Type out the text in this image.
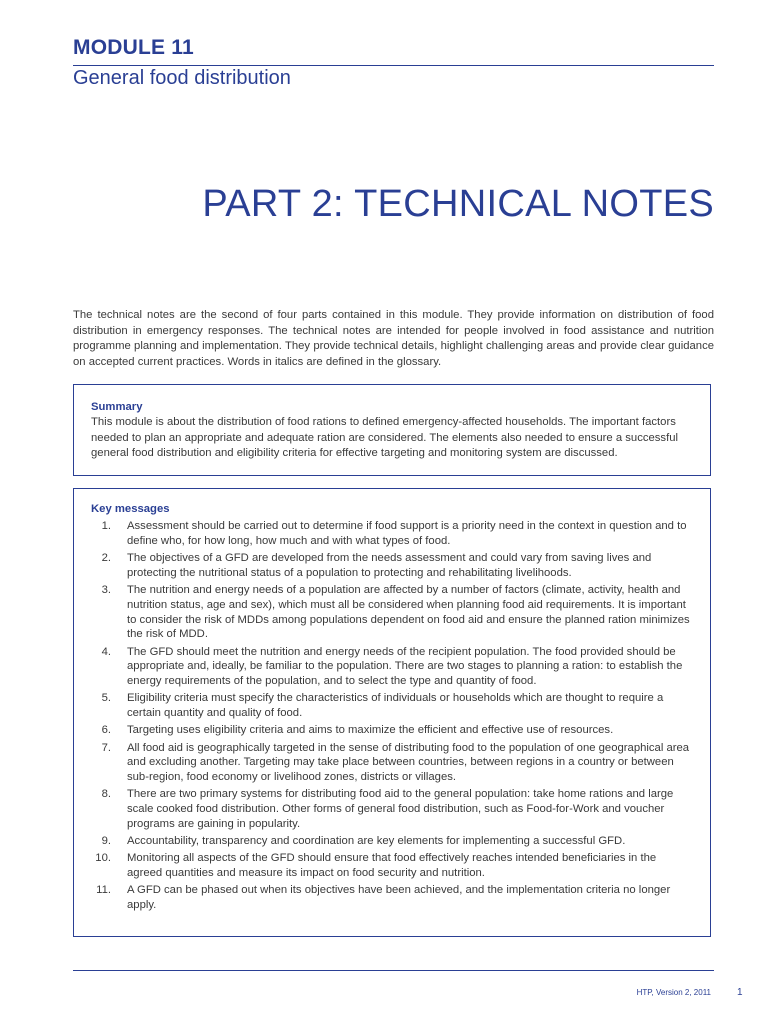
MODULE 11
General food distribution
PART 2: TECHNICAL NOTES

The technical notes are the second of four parts contained in this module. They provide information on distribution of food distribution in emergency responses. The technical notes are intended for people involved in food assistance and nutrition programme planning and implementation. They provide technical details, highlight challenging areas and provide clear guidance on accepted current practices. Words in italics are defined in the glossary.

Summary
This module is about the distribution of food rations to defined emergency-affected households. The important factors needed to plan an appropriate and adequate ration are considered. The elements also needed to ensure a successful general food distribution and eligibility criteria for effective targeting and monitoring system are discussed.
Key messages
1.	Assessment should be carried out to determine if food support is a priority need in the context in question and to define who, for how long, how much and with what types of food.
2.	The objectives of a GFD are developed from the needs assessment and could vary from saving lives and protecting the nutritional status of a population to protecting and rehabilitating livelihoods.
3.	The nutrition and energy needs of a population are affected by a number of factors (climate, activity, health and nutrition status, age and sex), which must all be considered when planning food aid requirements. It is important to consider the risk of MDDs among populations dependent on food aid and ensure the planned ration minimizes the risk of MDD.
4.	The GFD should meet the nutrition and energy needs of the recipient population. The food provided should be appropriate and, ideally, be familiar to the population. There are two stages to planning a ration: to establish the energy requirements of the population, and to select the type and quantity of food.
5.	Eligibility criteria must specify the characteristics of individuals or households which are thought to require a certain quantity and quality of food.
6.	Targeting uses eligibility criteria and aims to maximize the efficient and effective use of resources.
7.	All food aid is geographically targeted in the sense of distributing food to the population of one geographical area and excluding another. Targeting may take place between countries, between regions in a country or between sub-region, food economy or livelihood zones, districts or villages.
8.	There are two primary systems for distributing food aid to the general population: take home rations and large scale cooked food distribution. Other forms of general food distribution, such as Food-for-Work and voucher programs are gaining in popularity.
9.	Accountability, transparency and coordination are key elements for implementing a successful GFD.
10.	Monitoring all aspects of the GFD should ensure that food effectively reaches intended beneficiaries in the agreed quantities and measure its impact on food security and nutrition.
11.	A GFD can be phased out when its objectives have been achieved, and the implementation criteria no longer apply.
HTP, Version 2, 2011	1
